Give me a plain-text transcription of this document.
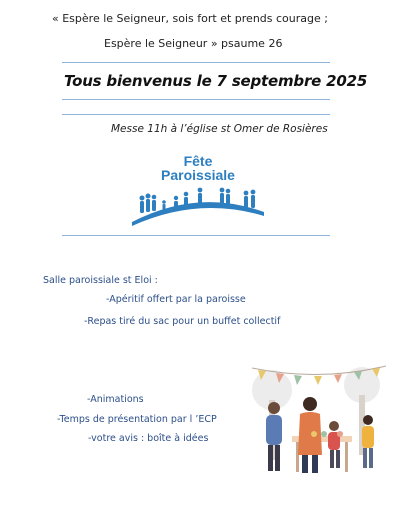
« Espère le Seigneur, sois fort et prends courage ;
Espère le Seigneur » psaume 26
Tous bienvenus le 7 septembre 2025
Messe 11h à l’église st Omer de Rosières
Fête
Paroissiale
Salle paroissiale st Eloi :
-Apéritif offert par la paroisse
-Repas tiré du sac pour un buffet collectif
-Animations
-Temps de présentation par l ’ECP
-votre avis : boîte à idées
